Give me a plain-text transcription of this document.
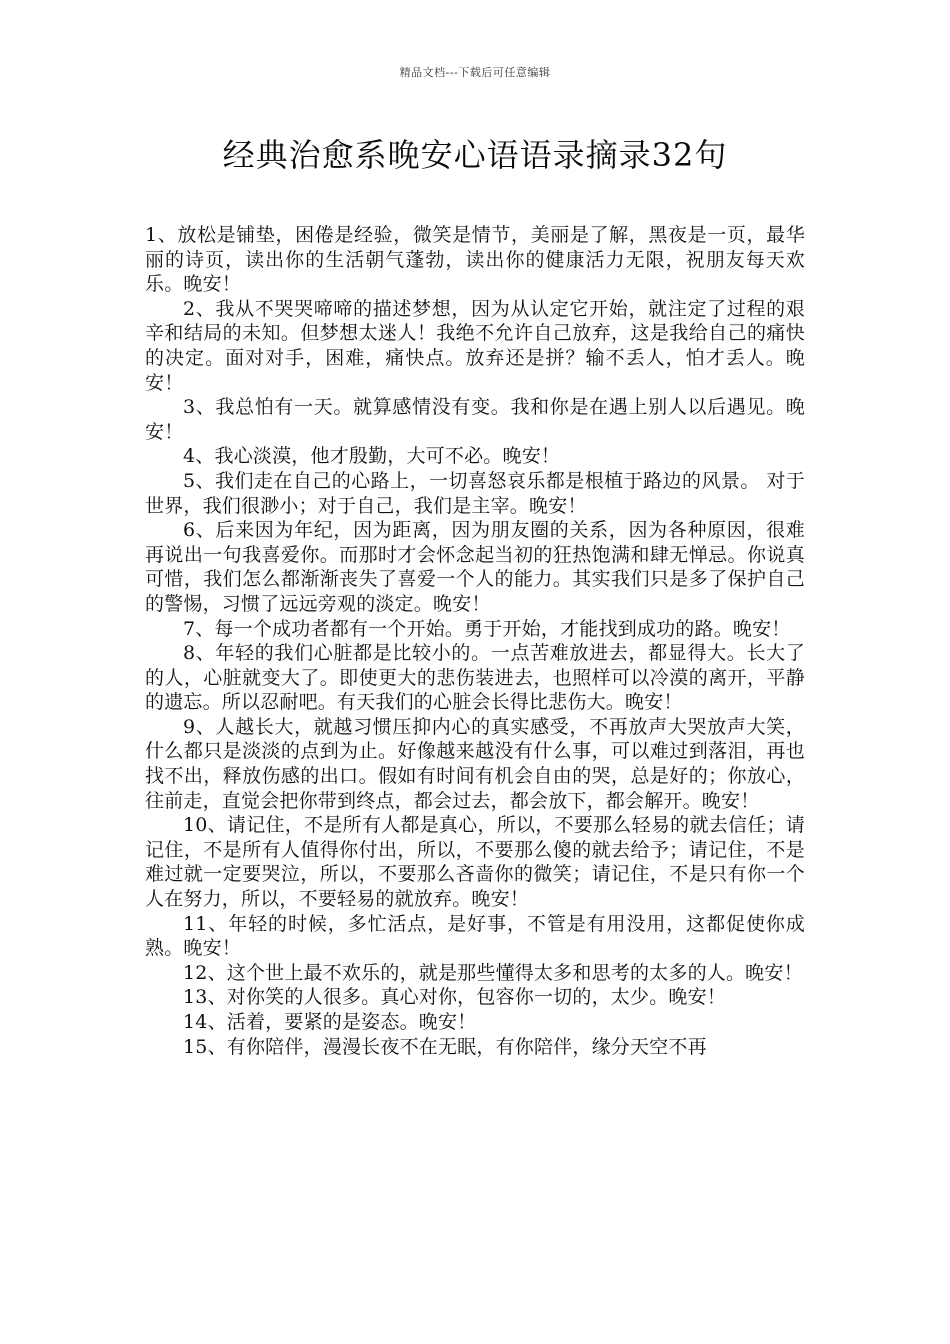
精品文档---下载后可任意编辑
经典治愈系晚安心语语录摘录32句

1、放松是铺垫，困倦是经验，微笑是情节，美丽是了解，黑夜是一页，最华丽的诗页，读出你的生活朝气蓬勃，读出你的健康活力无限，祝朋友每天欢乐。晚安！

2、我从不哭哭啼啼的描述梦想，因为从认定它开始，就注定了过程的艰辛和结局的未知。但梦想太迷人！我绝不允许自己放弃，这是我给自己的痛快的决定。面对对手，困难，痛快点。放弃还是拼？输不丢人，怕才丢人。晚安！

3、我总怕有一天。就算感情没有变。我和你是在遇上别人以后遇见。晚安！

4、我心淡漠，他才殷勤，大可不必。晚安！

5、我们走在自己的心路上，一切喜怒哀乐都是根植于路边的风景。 对于世界，我们很渺小；对于自己，我们是主宰。晚安！

6、后来因为年纪，因为距离，因为朋友圈的关系，因为各种原因，很难再说出一句我喜爱你。而那时才会怀念起当初的狂热饱满和肆无惮忌。你说真可惜，我们怎么都渐渐丧失了喜爱一个人的能力。其实我们只是多了保护自己的警惕，习惯了远远旁观的淡定。晚安！

7、每一个成功者都有一个开始。勇于开始，才能找到成功的路。晚安！

8、年轻的我们心脏都是比较小的。一点苦难放进去，都显得大。长大了的人，心脏就变大了。即使更大的悲伤装进去，也照样可以冷漠的离开，平静的遗忘。所以忍耐吧。有天我们的心脏会长得比悲伤大。晚安！

9、人越长大，就越习惯压抑内心的真实感受，不再放声大哭放声大笑，什么都只是淡淡的点到为止。好像越来越没有什么事，可以难过到落泪，再也找不出，释放伤感的出口。假如有时间有机会自由的哭，总是好的；你放心，往前走，直觉会把你带到终点，都会过去，都会放下，都会解开。晚安！

10、请记住，不是所有人都是真心，所以，不要那么轻易的就去信任；请记住，不是所有人值得你付出，所以，不要那么傻的就去给予；请记住，不是难过就一定要哭泣，所以，不要那么吝啬你的微笑；请记住，不是只有你一个人在努力，所以，不要轻易的就放弃。晚安！

11、年轻的时候，多忙活点，是好事，不管是有用没用，这都促使你成熟。晚安！

12、这个世上最不欢乐的，就是那些懂得太多和思考的太多的人。晚安！

13、对你笑的人很多。真心对你，包容你一切的，太少。晚安！

14、活着，要紧的是姿态。晚安！

15、有你陪伴，漫漫长夜不在无眠，有你陪伴，缘分天空不再
